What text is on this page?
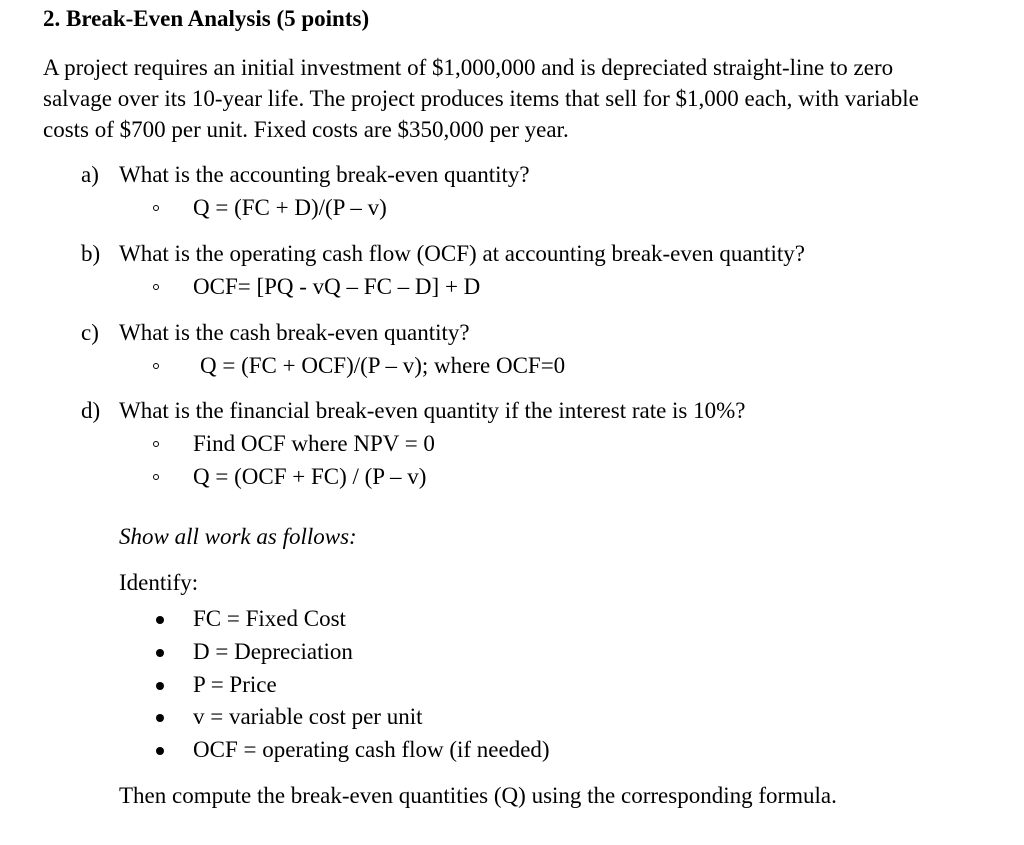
2. Break-Even Analysis (5 points)
A project requires an initial investment of $1,000,000 and is depreciated straight-line to zero
salvage over its 10-year life. The project produces items that sell for $1,000 each, with variable
costs of $700 per unit. Fixed costs are $350,000 per year.
a) What is the accounting break-even quantity?
Q = (FC + D)/(P – v)
b) What is the operating cash flow (OCF) at accounting break-even quantity?
OCF= [PQ - vQ – FC – D] + D
c) What is the cash break-even quantity?
Q = (FC + OCF)/(P – v); where OCF=0
d) What is the financial break-even quantity if the interest rate is 10%?
Find OCF where NPV = 0
Q = (OCF + FC) / (P – v)
Show all work as follows:
Identify:
FC = Fixed Cost
D = Depreciation
P = Price
v = variable cost per unit
OCF = operating cash flow (if needed)
Then compute the break-even quantities (Q) using the corresponding formula.
